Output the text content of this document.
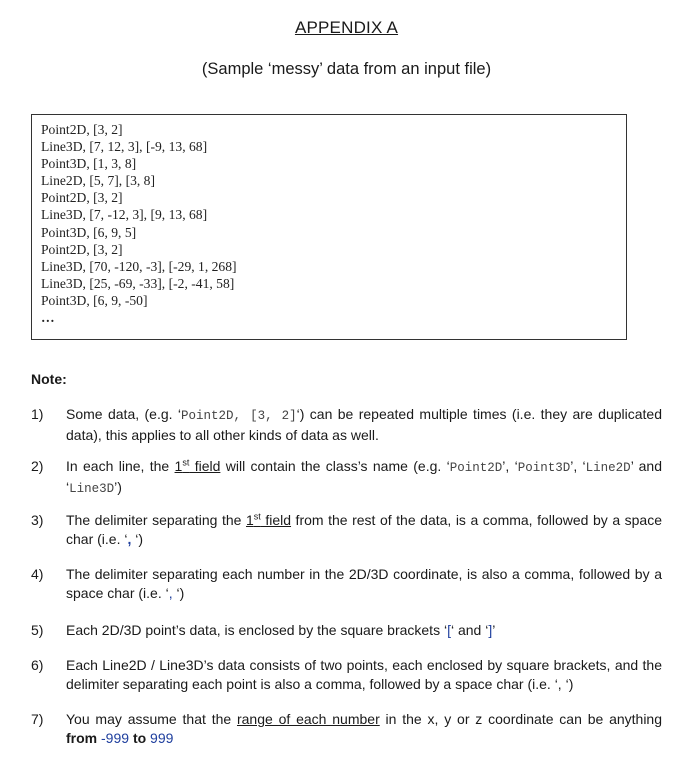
APPENDIX A
(Sample ‘messy’ data from an input file)
Point2D, [3, 2]
Line3D, [7, 12, 3], [-9, 13, 68]
Point3D, [1, 3, 8]
Line2D, [5, 7], [3, 8]
Point2D, [3, 2]
Line3D, [7, -12, 3], [9, 13, 68]
Point3D, [6, 9, 5]
Point2D, [3, 2]
Line3D, [70, -120, -3], [-29, 1, 268]
Line3D, [25, -69, -33], [-2, -41, 58]
Point3D, [6, 9, -50]
…
Note:
1) Some data, (e.g. ‘Point2D, [3, 2]‘) can be repeated multiple times (i.e. they are duplicated data), this applies to all other kinds of data as well.
2) In each line, the 1st field will contain the class’s name (e.g. ‘Point2D’, ‘Point3D’, ‘Line2D’ and ‘Line3D’)
3) The delimiter separating the 1st field from the rest of the data, is a comma, followed by a space char (i.e. ‘, ‘)
4) The delimiter separating each number in the 2D/3D coordinate, is also a comma, followed by a space char (i.e. ‘, ‘)
5) Each 2D/3D point’s data, is enclosed by the square brackets ‘[‘ and ‘]’
6) Each Line2D / Line3D’s data consists of two points, each enclosed by square brackets, and the delimiter separating each point is also a comma, followed by a space char (i.e. ‘, ‘)
7) You may assume that the range of each number in the x, y or z coordinate can be anything from -999 to 999
